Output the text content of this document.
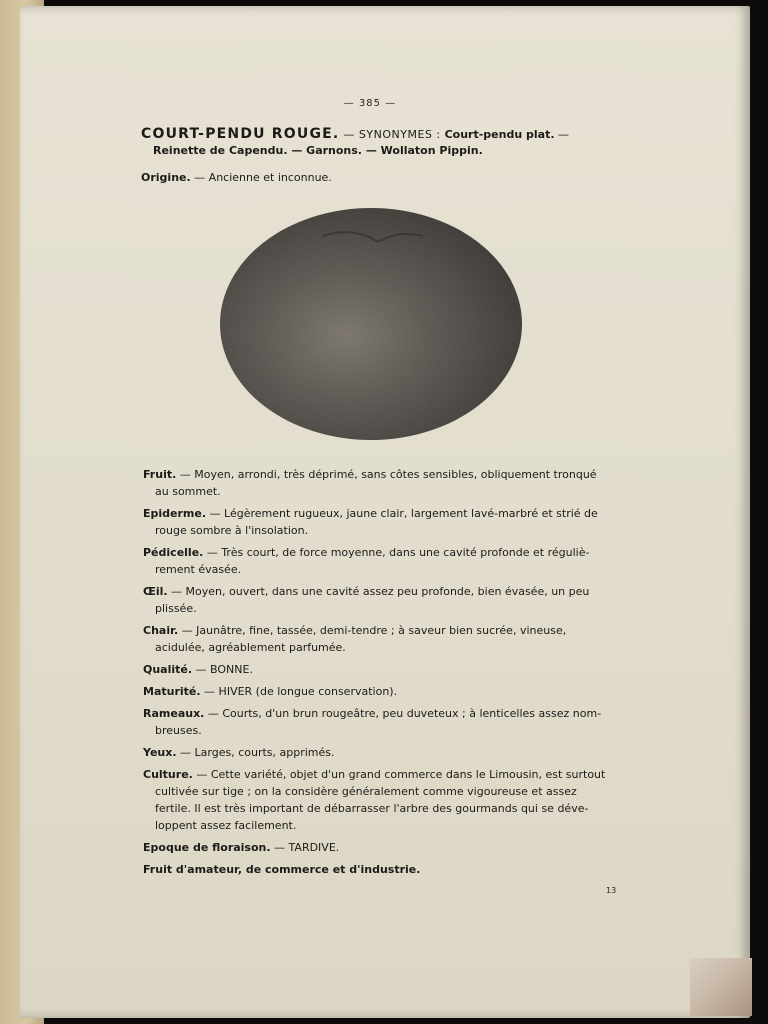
— 385 —
COURT-PENDU ROUGE. — SYNONYMES : Court-pendu plat. —
Reinette de Capendu. — Garnons. — Wollaton Pippin.
Origine. — Ancienne et inconnue.
Fruit. — Moyen, arrondi, très déprimé, sans côtes sensibles, obliquement tronqué au sommet.
Epiderme. — Légèrement rugueux, jaune clair, largement lavé-marbré et strié de rouge sombre à l'insolation.
Pédicelle. — Très court, de force moyenne, dans une cavité profonde et réguliè-rement évasée.
Œil. — Moyen, ouvert, dans une cavité assez peu profonde, bien évasée, un peu plissée.
Chair. — Jaunâtre, fine, tassée, demi-tendre ; à saveur bien sucrée, vineuse, acidulée, agréablement parfumée.
Qualité. — BONNE.
Maturité. — HIVER (de longue conservation).
Rameaux. — Courts, d'un brun rougeâtre, peu duveteux ; à lenticelles assez nom-breuses.
Yeux. — Larges, courts, apprimés.
Culture. — Cette variété, objet d'un grand commerce dans le Limousin, est surtout cultivée sur tige ; on la considère généralement comme vigoureuse et assez fertile. Il est très important de débarrasser l'arbre des gourmands qui se déve-loppent assez facilement.
Epoque de floraison. — TARDIVE.
Fruit d'amateur, de commerce et d'industrie.
13
